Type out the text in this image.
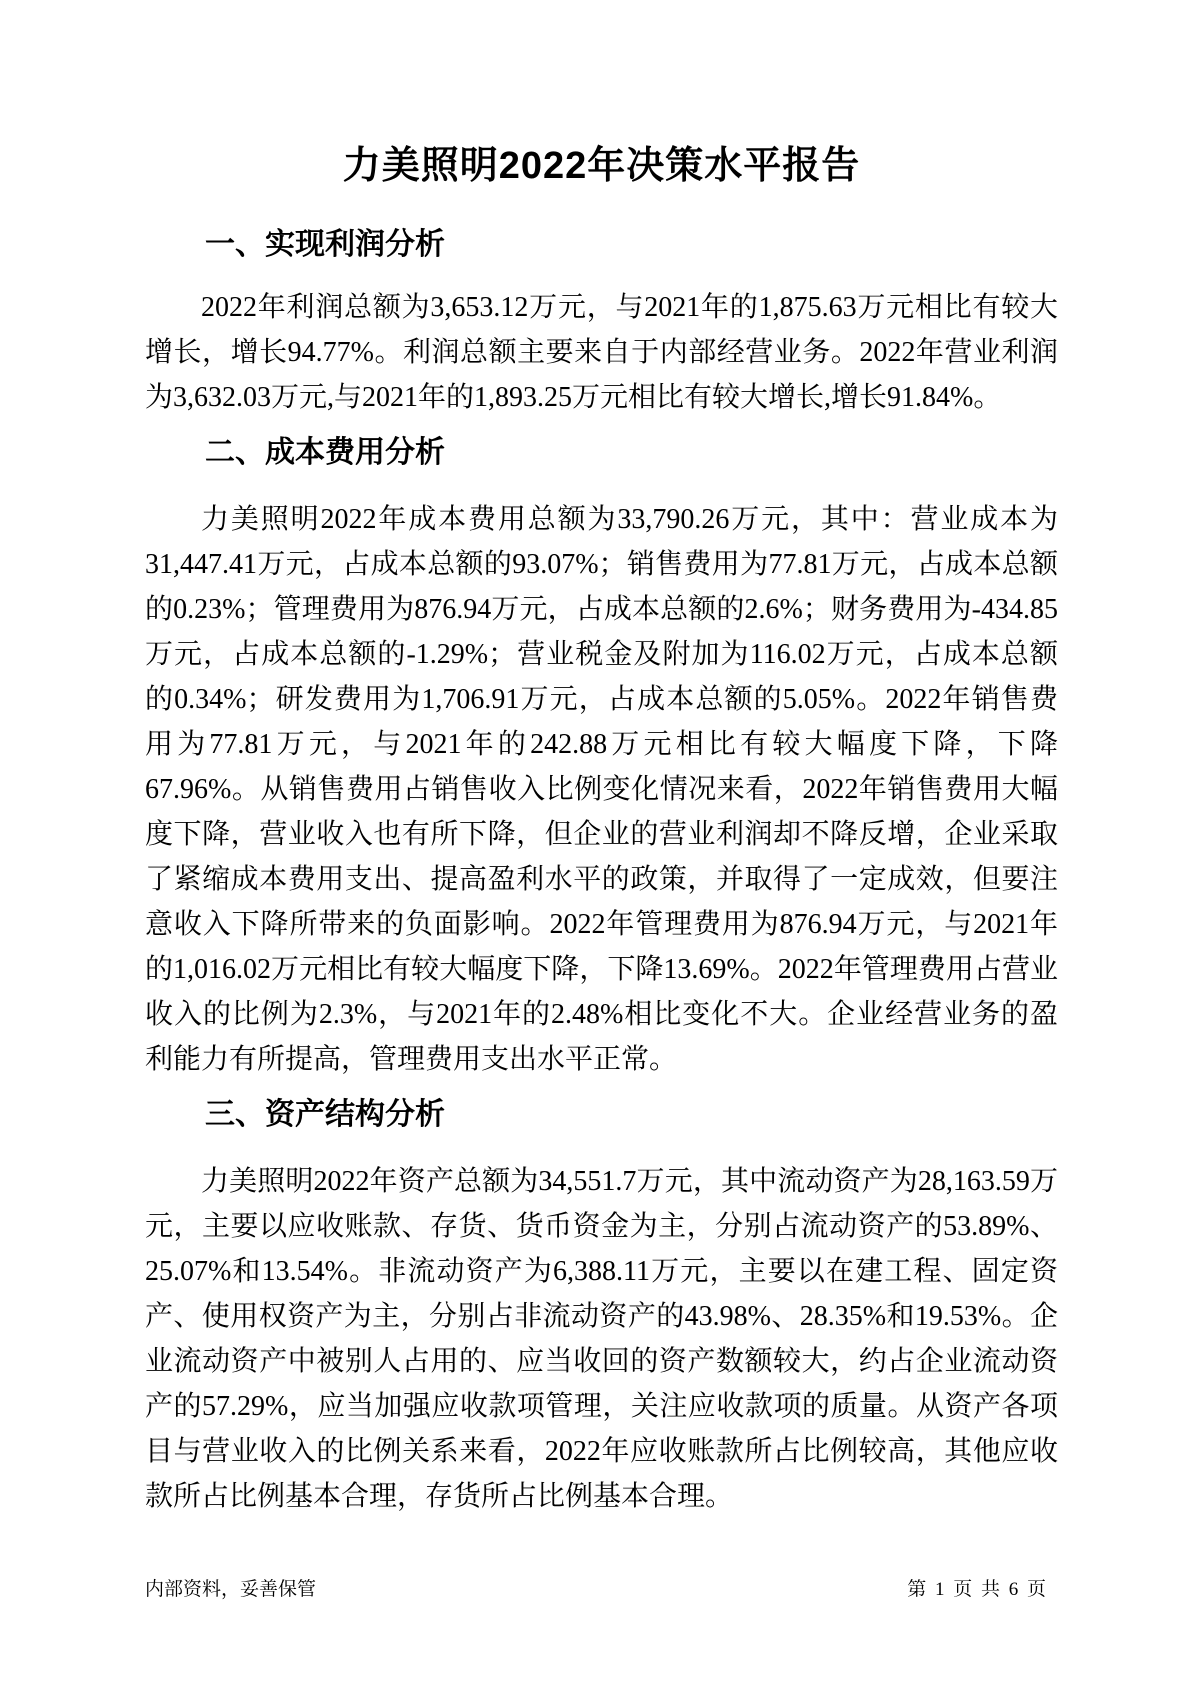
力美照明2022年决策水平报告
一、实现利润分析

2022年利润总额为3,653.12万元，与2021年的1,875.63万元相比有较大增长，增长94.77%。利润总额主要来自于内部经营业务。2022年营业利润为3,632.03万元,与2021年的1,893.25万元相比有较大增长,增长91.84%。

二、成本费用分析

力美照明2022年成本费用总额为33,790.26万元，其中：营业成本为31,447.41万元，占成本总额的93.07%；销售费用为77.81万元，占成本总额的0.23%；管理费用为876.94万元，占成本总额的2.6%；财务费用为-434.85万元，占成本总额的-1.29%；营业税金及附加为116.02万元，占成本总额的0.34%；研发费用为1,706.91万元，占成本总额的5.05%。2022年销售费用为77.81万元，与2021年的242.88万元相比有较大幅度下降，下降67.96%。从销售费用占销售收入比例变化情况来看，2022年销售费用大幅度下降，营业收入也有所下降，但企业的营业利润却不降反增，企业采取了紧缩成本费用支出、提高盈利水平的政策，并取得了一定成效，但要注意收入下降所带来的负面影响。2022年管理费用为876.94万元，与2021年的1,016.02万元相比有较大幅度下降，下降13.69%。2022年管理费用占营业收入的比例为2.3%，与2021年的2.48%相比变化不大。企业经营业务的盈利能力有所提高，管理费用支出水平正常。

三、资产结构分析

力美照明2022年资产总额为34,551.7万元，其中流动资产为28,163.59万元，主要以应收账款、存货、货币资金为主，分别占流动资产的53.89%、25.07%和13.54%。非流动资产为6,388.11万元，主要以在建工程、固定资产、使用权资产为主，分别占非流动资产的43.98%、28.35%和19.53%。企业流动资产中被别人占用的、应当收回的资产数额较大，约占企业流动资产的57.29%，应当加强应收款项管理，关注应收款项的质量。从资产各项目与营业收入的比例关系来看，2022年应收账款所占比例较高，其他应收款所占比例基本合理，存货所占比例基本合理。

内部资料，妥善保管	第 1 页 共 6 页
